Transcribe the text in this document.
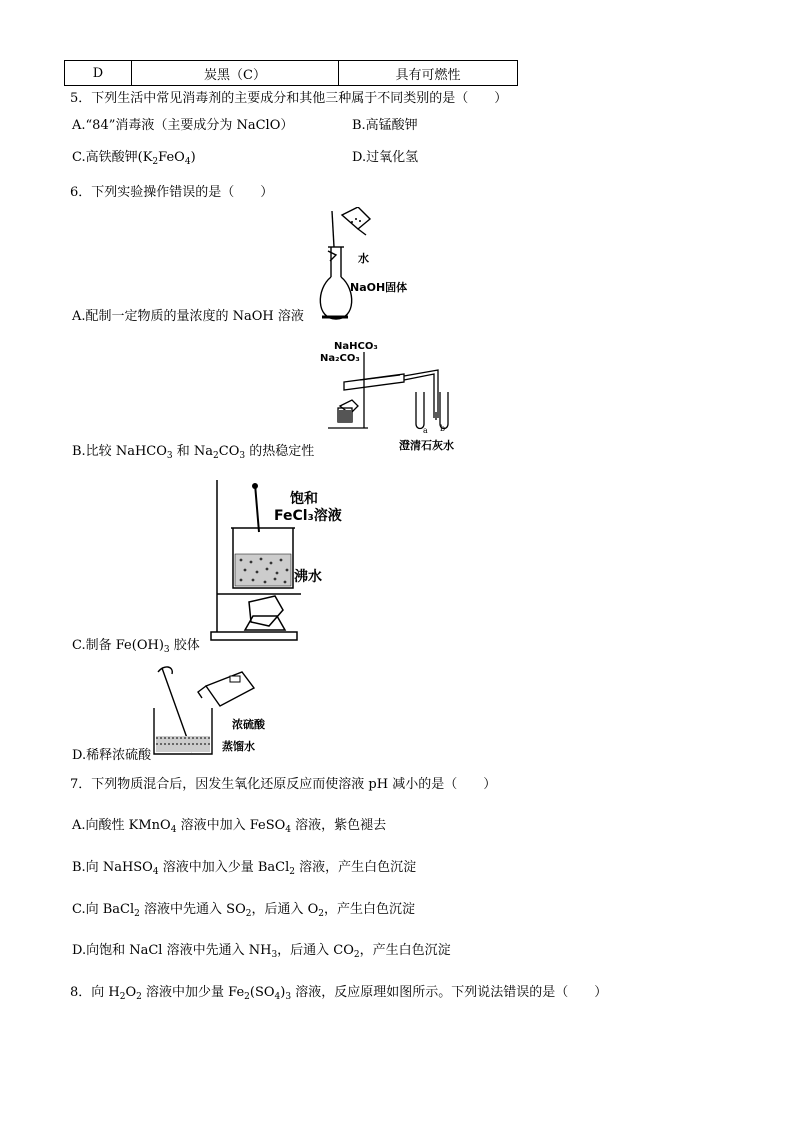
D	炭黑（C）	具有可燃性
5．下列生活中常见消毒剂的主要成分和其他三种属于不同类别的是（　　）
A.“84”消毒液（主要成分为 NaClO）	B.高锰酸钾
C.高铁酸钾$(K_2FeO_4)$	D.过氧化氢
6．下列实验操作错误的是（　　）
水
NaOH固体
A.配制一定物质的量浓度的 NaOH 溶液
NaHCO₃
Na₂CO₃
a b
澄清石灰水
B.比较 NaHCO$_3$ 和 $Na_2CO_3$ 的热稳定性
饱和
FeCl₃溶液
沸水
C.制备 $Fe(OH)_3$ 胶体
浓硫酸
蒸馏水
D.稀释浓硫酸
7．下列物质混合后，因发生氧化还原反应而使溶液 pH 减小的是（　　）
A.向酸性 KMnO$_4$ 溶液中加入 FeSO$_4$ 溶液，紫色褪去
B.向 NaHSO$_4$ 溶液中加入少量 BaCl$_2$ 溶液，产生白色沉淀
C.向 BaCl$_2$ 溶液中先通入 $SO_2$，后通入 $O_2$，产生白色沉淀
D.向饱和 NaCl 溶液中先通入 $NH_3$，后通入 $CO_2$，产生白色沉淀
8．向 $H_2O_2$ 溶液中加少量 $Fe_2(SO_4)_3$ 溶液，反应原理如图所示。下列说法错误的是（　　）
